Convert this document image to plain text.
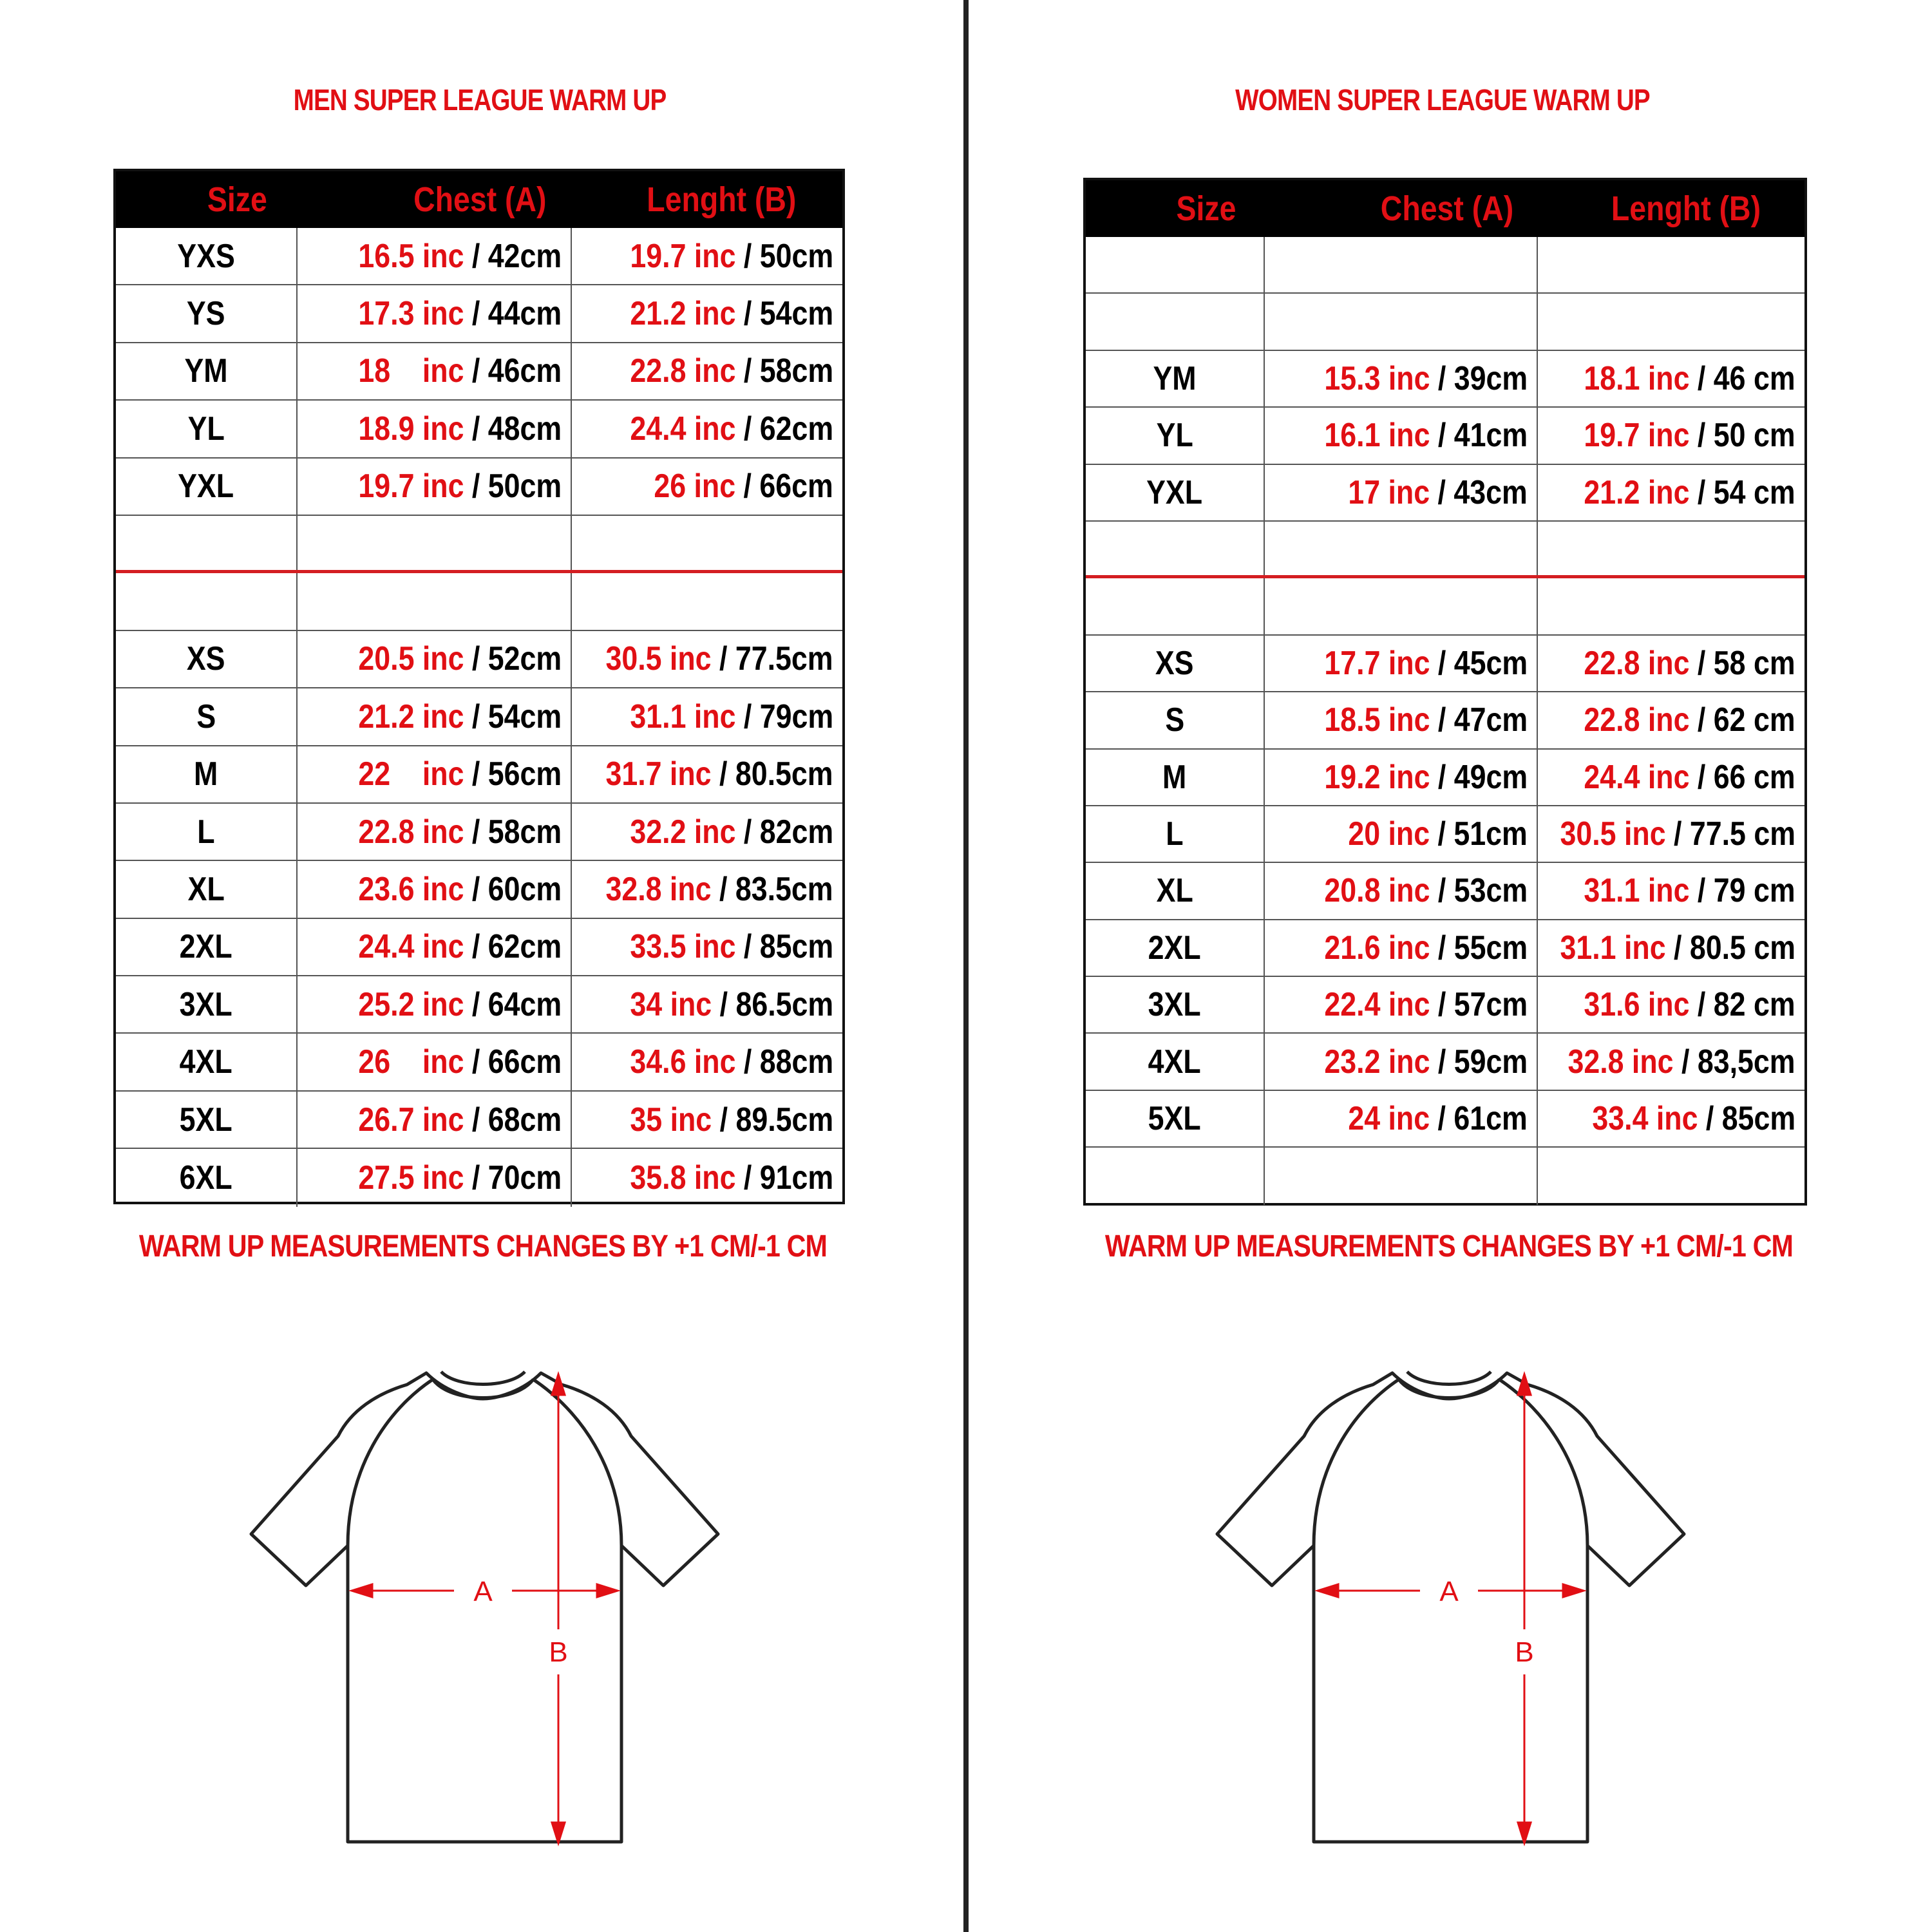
MEN SUPER LEAGUE WARM UP
Size	Chest (A)	Lenght (B)
YXS	16.5 inc / 42cm 19.7 inc / 50cm
YS	17.3 inc / 44cm 21.2 inc / 54cm
YM	18    inc / 46cm 22.8 inc / 58cm
YL	18.9 inc / 48cm 24.4 inc / 62cm
YXL	19.7 inc / 50cm	26 inc / 66cm
XS	20.5 inc / 52cm 30.5 inc / 77.5cm
S	21.2 inc / 54cm 31.1 inc / 79cm
M	22    inc / 56cm 31.7 inc / 80.5cm
L	22.8 inc / 58cm 32.2 inc / 82cm
XL	23.6 inc / 60cm 32.8 inc / 83.5cm
2XL	24.4 inc / 62cm 33.5 inc / 85cm
3XL	25.2 inc / 64cm 34 inc / 86.5cm
4XL	26    inc / 66cm 34.6 inc / 88cm
5XL	26.7 inc / 68cm 35 inc / 89.5cm
6XL	27.5 inc / 70cm 35.8 inc / 91cm
WARM UP MEASUREMENTS CHANGES BY +1 CM/-1 CM
A
B
WOMEN SUPER LEAGUE WARM UP
Size	Chest (A)	Lenght (B)
YM	15.3 inc / 39cm 18.1 inc / 46 cm
YL	16.1 inc / 41cm 19.7 inc / 50 cm
YXL	17 inc / 43cm 21.2 inc / 54 cm
XS	17.7 inc / 45cm 22.8 inc / 58 cm
S	18.5 inc / 47cm 22.8 inc / 62 cm
M	19.2 inc / 49cm 24.4 inc / 66 cm
L	20 inc / 51cm 30.5 inc / 77.5 cm
XL	20.8 inc / 53cm 31.1 inc / 79 cm
2XL	21.6 inc / 55cm 31.1 inc / 80.5 cm
3XL	22.4 inc / 57cm 31.6 inc / 82 cm
4XL	23.2 inc / 59cm 32.8 inc / 83,5cm
5XL	24 inc / 61cm 33.4 inc / 85cm
WARM UP MEASUREMENTS CHANGES BY +1 CM/-1 CM
A
B
